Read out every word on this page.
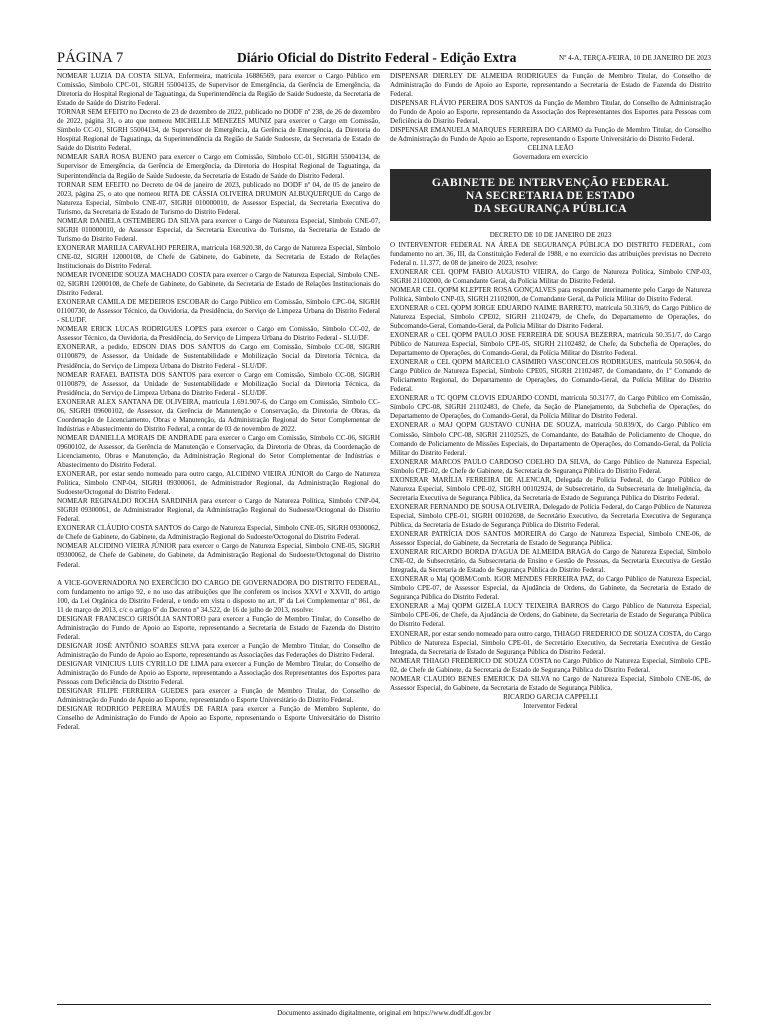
PÁGINA 7	Diário Oficial do Distrito Federal - Edição Extra	Nº 4-A, TERÇA-FEIRA, 10 DE JANEIRO DE 2023

NOMEAR LUZIA DA COSTA SILVA, Enfermeira, matrícula 16886569, para exercer o Cargo Público em Comissão, Símbolo CPC-01, SIGRH 55004135, de Supervisor de Emergência, da Gerência de Emergência, da Diretoria do Hospital Regional de Taguatinga, da Superintendência da Região de Saúde Sudoeste, da Secretaria de Estado de Saúde do Distrito Federal.

TORNAR SEM EFEITO no Decreto de 23 de dezembro de 2022, publicado no DODF nº 238, de 26 de dezembro de 2022, página 31, o ato que nomeou MICHELLE MENEZES MUNIZ para exercer o Cargo em Comissão, Símbolo CC-01, SIGRH 55004134, de Supervisor de Emergência, da Gerência de Emergência, da Diretoria do Hospital Regional de Taguatinga, da Superintendência da Região de Saúde Sudoeste, da Secretaria de Estado de Saúde do Distrito Federal.

NOMEAR SARA ROSA BUENO para exercer o Cargo em Comissão, Símbolo CC-01, SIGRH 55004134, de Supervisor de Emergência, da Gerência de Emergência, da Diretoria do Hospital Regional de Taguatinga, da Superintendência da Região de Saúde Sudoeste, da Secretaria de Estado de Saúde do Distrito Federal.

TORNAR SEM EFEITO no Decreto de 04 de janeiro de 2023, publicado no DODF nº 04, de 05 de janeiro de 2023, página 25, o ato que nomeou RITA DE CÁSSIA OLIVEIRA DRUMON ALBUQUERQUE do Cargo de Natureza Especial, Símbolo CNE-07, SIGRH 010000010, de Assessor Especial, da Secretaria Executiva do Turismo, da Secretaria de Estado de Turismo do Distrito Federal.

NOMEAR DANIELA OSTEMBERG DA SILVA para exercer o Cargo de Natureza Especial, Símbolo CNE-07, SIGRH 010000010, de Assessor Especial, da Secretaria Executiva do Turismo, da Secretaria de Estado de Turismo do Distrito Federal.

EXONERAR MARILIA CARVALHO PEREIRA, matrícula 168.920.38, do Cargo de Natureza Especial, Símbolo CNE-02, SIGRH 12000108, de Chefe de Gabinete, do Gabinete, da Secretaria de Estado de Relações Institucionais do Distrito Federal.

NOMEAR IVONEIDE SOUZA MACHADO COSTA para exercer o Cargo de Natureza Especial, Símbolo CNE-02, SIGRH 12000108, de Chefe de Gabinete, do Gabinete, da Secretaria de Estado de Relações Institucionais do Distrito Federal.

EXONERAR CAMILA DE MEDEIROS ESCOBAR do Cargo Público em Comissão, Símbolo CPC-04, SIGRH 01100730, de Assessor Técnico, da Ouvidoria, da Presidência, do Serviço de Limpeza Urbana do Distrito Federal - SLU/DF.

NOMEAR ERICK LUCAS RODRIGUES LOPES para exercer o Cargo em Comissão, Símbolo CC-02, de Assessor Técnico, da Ouvidoria, da Presidência, do Serviço de Limpeza Urbana do Distrito Federal - SLU/DF.

EXONERAR, a pedido, EDSON DIAS DOS SANTOS do Cargo em Comissão, Símbolo CC-08, SIGRH 01100879, de Assessor, da Unidade de Sustentabilidade e Mobilização Social da Diretoria Técnica, da Presidência, do Serviço de Limpeza Urbana do Distrito Federal - SLU/DF.

NOMEAR RAFAEL BATISTA DOS SANTOS para exercer o Cargo em Comissão, Símbolo CC-08, SIGRH 01100879, de Assessor, da Unidade de Sustentabilidade e Mobilização Social da Diretoria Técnica, da Presidência, do Serviço de Limpeza Urbana do Distrito Federal - SLU/DF.

EXONERAR ALEX SANTANA DE OLIVEIRA, matrícula 1.691.907-6, do Cargo em Comissão, Símbolo CC-06, SIGRH 09600102, de Assessor, da Gerência de Manutenção e Conservação, da Diretoria de Obras, da Coordenação de Licenciamento, Obras e Manutenção, da Administração Regional do Setor Complementar de Indústrias e Abastecimento do Distrito Federal, a contar de 03 de novembro de 2022.

NOMEAR DANIELLA MORAIS DE ANDRADE para exercer o Cargo em Comissão, Símbolo CC-06, SIGRH 09600102, de Assessor, da Gerência de Manutenção e Conservação, da Diretoria de Obras, da Coordenação de Licenciamento, Obras e Manutenção, da Administração Regional do Setor Complementar de Indústrias e Abastecimento do Distrito Federal.

EXONERAR, por estar sendo nomeado para outro cargo, ALCIDINO VIEIRA JÚNIOR do Cargo de Natureza Política, Símbolo CNP-04, SIGRH 09300061, de Administrador Regional, da Administração Regional do Sudoeste/Octogonal do Distrito Federal.

NOMEAR REGINALDO ROCHA SARDINHA para exercer o Cargo de Natureza Política, Símbolo CNP-04, SIGRH 09300061, de Administrador Regional, da Administração Regional do Sudoeste/Octogonal do Distrito Federal.

EXONERAR CLÁUDIO COSTA SANTOS do Cargo de Natureza Especial, Símbolo CNE-05, SIGRH 09300062, de Chefe de Gabinete, do Gabinete, da Administração Regional do Sudoeste/Octogonal do Distrito Federal.

NOMEAR ALCIDINO VIEIRA JÚNIOR para exercer o Cargo de Natureza Especial, Símbolo CNE-05, SIGRH 09300062, de Chefe de Gabinete, do Gabinete, da Administração Regional do Sudoeste/Octogonal do Distrito Federal.

A VICE-GOVERNADORA NO EXERCÍCIO DO CARGO DE GOVERNADORA DO DISTRITO FEDERAL, com fundamento no artigo 92, e no uso das atribuições que lhe conferem os incisos XXVI e XXVII, do artigo 100, da Lei Orgânica do Distrito Federal, e tendo em vista o disposto no art. 8º da Lei Complementar nº 861, de 11 de março de 2013, c/c o artigo 6º do Decreto nº 34.522, de 16 de julho de 2013, resolve:

DESIGNAR FRANCISCO GRISÓLIA SANTORO para exercer a Função de Membro Titular, do Conselho de Administração do Fundo de Apoio ao Esporte, representando a Secretaria de Estado de Fazenda do Distrito Federal.

DESIGNAR JOSÉ ANTÔNIO SOARES SILVA para exercer a Função de Membro Titular, do Conselho de Administração do Fundo de Apoio ao Esporte, representando as Associações das Federações do Distrito Federal.

DESIGNAR VINICIUS LUIS CYRILLO DE LIMA para exercer a Função de Membro Titular, do Conselho de Administração do Fundo de Apoio ao Esporte, representando a Associação dos Representantes dos Esportes para Pessoas com Deficiência do Distrito Federal.

DESIGNAR FILIPE FERREIRA GUEDES para exercer a Função de Membro Titular, do Conselho de Administração do Fundo de Apoio ao Esporte, representando o Esporte Universitário do Distrito Federal.

DESIGNAR RODRIGO PEREIRA MAUÉS DE FARIA para exercer a Função de Membro Suplente, do Conselho de Administração do Fundo de Apoio ao Esporte, representando o Esporte Universitário do Distrito Federal.

DISPENSAR DIERLEY DE ALMEIDA RODRIGUES da Função de Membro Titular, do Conselho de Administração do Fundo de Apoio ao Esporte, representando a Secretaria de Estado de Fazenda do Distrito Federal.

DISPENSAR FLÁVIO PEREIRA DOS SANTOS da Função de Membro Titular, do Conselho de Administração do Fundo de Apoio ao Esporte, representando da Associação dos Representantes dos Esportes para Pessoas com Deficiência do Distrito Federal.

DISPENSAR EMANUELA MARQUES FERREIRA DO CARMO da Função de Membro Titular, do Conselho de Administração do Fundo de Apoio ao Esporte, representando o Esporte Universitário do Distrito Federal.

CELINA LEÃO

Governadora em exercício

GABINETE DE INTERVENÇÃO FEDERAL
NA SECRETARIA DE ESTADO
DA SEGURANÇA PÚBLICA

DECRETO DE 10 DE JANEIRO DE 2023

O INTERVENTOR FEDERAL NA ÁREA DE SEGURANÇA PÚBLICA DO DISTRITO FEDERAL, com fundamento no art. 36, III, da Constituição Federal de 1988, e no exercício das atribuições previstas no Decreto Federal n. 11.377, de 08 de janeiro de 2023, resolve:

EXONERAR CEL QOPM FABIO AUGUSTO VIEIRA, do Cargo de Natureza Política, Símbolo CNP-03, SIGRH 21102000, de Comandante Geral, da Polícia Militar do Distrito Federal.

NOMEAR CEL QOPM KLEPTER ROSA GONÇALVES para responder interinamente pelo Cargo de Natureza Política, Símbolo CNP-03, SIGRH 21102000, de Comandante Geral, da Polícia Militar do Distrito Federal.

EXONERAR o CEL QOPM JORGE EDUARDO NAIME BARRETO, matrícula 50.316/9, do Cargo Público de Natureza Especial, Símbolo CPE02, SIGRH 21102479, de Chefe, do Departamento de Operações, do Subcomando-Geral, Comando-Geral, da Polícia Militar do Distrito Federal.

EXONERAR o CEL QOPM PAULO JOSE FERREIRA DE SOUSA BEZERRA, matrícula 50.351/7, do Cargo Público de Natureza Especial, Símbolo CPE-05, SIGRH 21102482, de Chefe, da Subchefia de Operações, do Departamento de Operações, do Comando-Geral, da Polícia Militar do Distrito Federal.

EXONERAR o CEL QOPM MARCELO CASIMIRO VASCONCELOS RODRIGUES, matrícula 50.506/4, do Cargo Público de Natureza Especial, Símbolo CPE05, SIGRH 21102487, de Comandante, do 1º Comando de Policiamento Regional, do Departamento de Operações, do Comando-Geral, da Polícia Militar do Distrito Federal.

EXONERAR o TC QOPM CLOVIS EDUARDO CONDI, matrícula 50.317/7, do Cargo Público em Comissão, Símbolo CPC-08, SIGRH 21102483, de Chefe, da Seção de Planejamento, da Subchefia de Operações, do Departamento de Operações, do Comando-Geral, da Polícia Militar do Distrito Federal.

EXONERAR o MAJ QOPM GUSTAVO CUNHA DE SOUZA, matrícula 50.839/X, do Cargo Público em Comissão, Símbolo CPC-08, SIGRH 21102525, de Comandante, do Batalhão de Policiamento de Choque, do Comando de Policiamento de Missões Especiais, do Departamento de Operações, do Comando-Geral, da Polícia Militar do Distrito Federal.

EXONERAR MARCOS PAULO CARDOSO COELHO DA SILVA, do Cargo Público de Natureza Especial, Símbolo CPE-02, de Chefe de Gabinete, da Secretaria de Segurança Pública do Distrito Federal.

EXONERAR MARÍLIA FERREIRA DE ALENCAR, Delegada de Polícia Federal, do Cargo Público de Natureza Especial, Símbolo CPE-02, SIGRH 00102924, de Subsecretário, da Subsecretaria de Inteligência, da Secretaria Executiva de Segurança Pública, da Secretaria de Estado de Segurança Pública do Distrito Federal.

EXONERAR FERNANDO DE SOUSA OLIVEIRA, Delegado de Polícia Federal, do Cargo Público de Natureza Especial, Símbolo CPE-01, SIGRH 00102698, de Secretário Executivo, da Secretaria Executiva de Segurança Pública, da Secretaria de Estado de Segurança Pública do Distrito Federal.

EXONERAR PATRÍCIA DOS SANTOS MOREIRA do Cargo de Natureza Especial, Símbolo CNE-06, de Assessor Especial, do Gabinete, da Secretaria de Estado de Segurança Pública.

EXONERAR RICARDO BORDA D'AGUA DE ALMEIDA BRAGA do Cargo de Natureza Especial, Símbolo CNE-02, de Subsecretário, da Subsecretaria de Ensino e Gestão de Pessoas, da Secretaria Executiva de Gestão Integrada, da Secretaria de Estado de Segurança Pública do Distrito Federal.

EXONERAR o Maj QOBM/Comb. IGOR MENDES FERREIRA PAZ, do Cargo Público de Natureza Especial, Símbolo CPE-07, de Assessor Especial, da Ajudância de Ordens, do Gabinete, da Secretaria de Estado de Segurança Pública do Distrito Federal.

EXONERAR a Maj QOPM GIZELA LUCY TEIXEIRA BARROS do Cargo Público de Natureza Especial, Símbolo CPE-06, de Chefe, da Ajudância de Ordens, do Gabinete, da Secretaria de Estado de Segurança Pública do Distrito Federal.

EXONERAR, por estar sendo nomeado para outro cargo, THIAGO FREDERICO DE SOUZA COSTA, do Cargo Público de Natureza Especial, Símbolo CPE-01, de Secretário Executivo, da Secretaria Executiva de Gestão Integrada, da Secretaria de Estado de Segurança Pública do Distrito Federal.

NOMEAR THIAGO FREDERICO DE SOUZA COSTA no Cargo Público de Natureza Especial, Símbolo CPE-02, de Chefe de Gabinete, da Secretaria de Estado de Segurança Pública do Distrito Federal.

NOMEAR CLAUDIO BENES EMERICK DA SILVA no Cargo de Natureza Especial, Símbolo CNE-06, de Assessor Especial, do Gabinete, da Secretaria de Estado de Segurança Pública.

RICARDO GARCIA CAPPELLI

Interventor Federal

Documento assinado digitalmente, original em https://www.dodf.df.gov.br
